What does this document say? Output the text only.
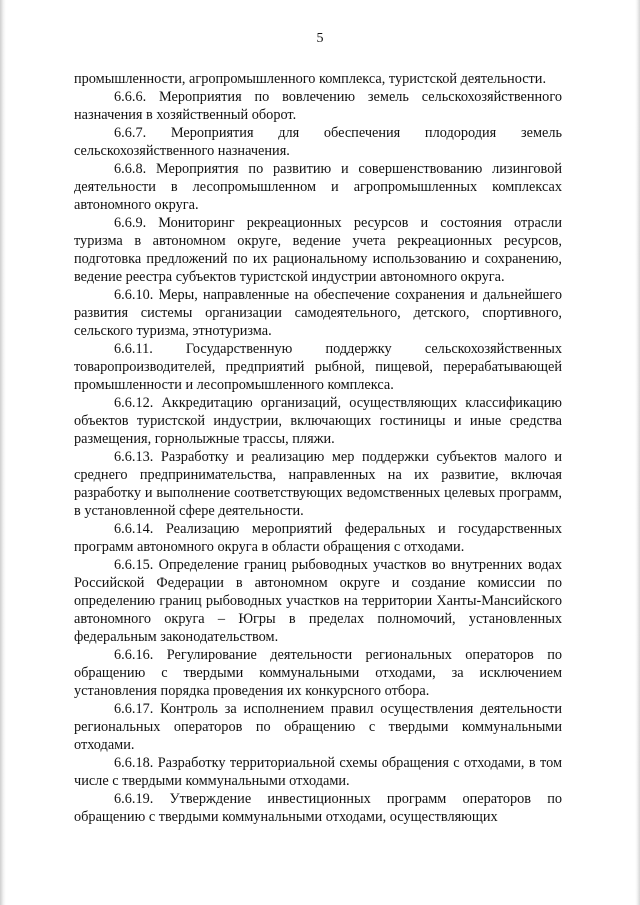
5

промышленности, агропромышленного комплекса, туристской деятельности.

6.6.6. Мероприятия по вовлечению земель сельскохозяйственного назначения в хозяйственный оборот.

6.6.7. Мероприятия для обеспечения плодородия земель сельскохозяйственного назначения.

6.6.8. Мероприятия по развитию и совершенствованию лизинговой деятельности в лесопромышленном и агропромышленных комплексах автономного округа.

6.6.9. Мониторинг рекреационных ресурсов и состояния отрасли туризма в автономном округе, ведение учета рекреационных ресурсов, подготовка предложений по их рациональному использованию и сохранению, ведение реестра субъектов туристской индустрии автономного округа.

6.6.10. Меры, направленные на обеспечение сохранения и дальнейшего развития системы организации самодеятельного, детского, спортивного, сельского туризма, этнотуризма.

6.6.11. Государственную поддержку сельскохозяйственных товаропроизводителей, предприятий рыбной, пищевой, перерабатывающей промышленности и лесопромышленного комплекса.

6.6.12. Аккредитацию организаций, осуществляющих классификацию объектов туристской индустрии, включающих гостиницы и иные средства размещения, горнолыжные трассы, пляжи.

6.6.13. Разработку и реализацию мер поддержки субъектов малого и среднего предпринимательства, направленных на их развитие, включая разработку и выполнение соответствующих ведомственных целевых программ, в установленной сфере деятельности.

6.6.14. Реализацию мероприятий федеральных и государственных программ автономного округа в области обращения с отходами.

6.6.15. Определение границ рыбоводных участков во внутренних водах Российской Федерации в автономном округе и создание комиссии по определению границ рыбоводных участков на территории Ханты-Мансийского автономного округа – Югры в пределах полномочий, установленных федеральным законодательством.

6.6.16. Регулирование деятельности региональных операторов по обращению с твердыми коммунальными отходами, за исключением установления порядка проведения их конкурсного отбора.

6.6.17. Контроль за исполнением правил осуществления деятельности региональных операторов по обращению с твердыми коммунальными отходами.

6.6.18. Разработку территориальной схемы обращения с отходами, в том числе с твердыми коммунальными отходами.

6.6.19. Утверждение инвестиционных программ операторов по обращению с твердыми коммунальными отходами, осуществляющих
